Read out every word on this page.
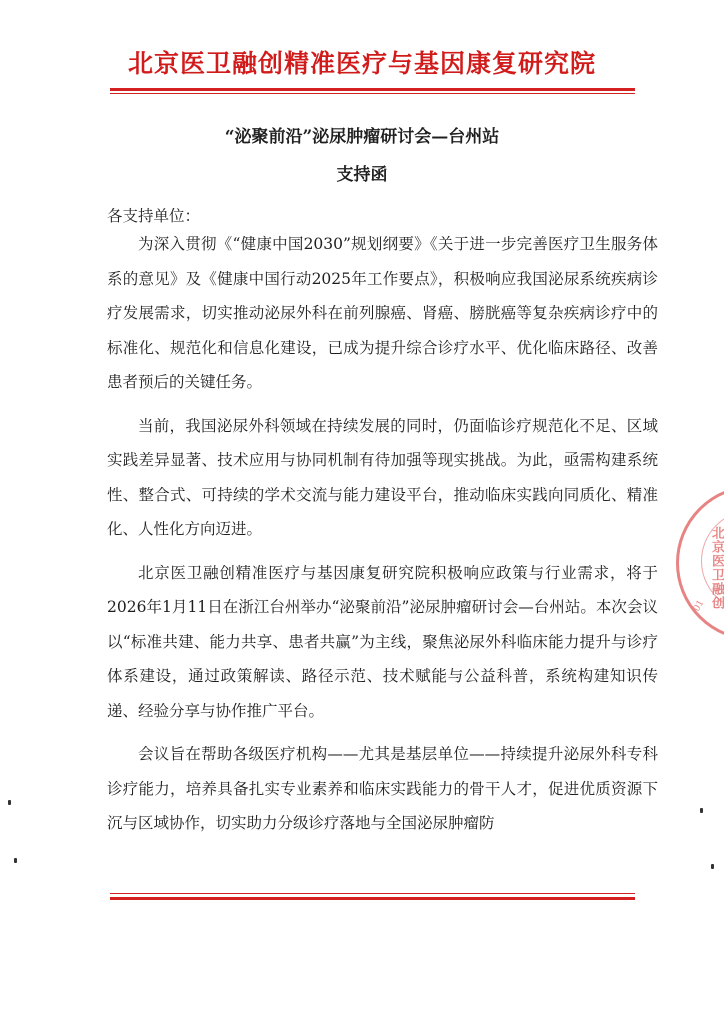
北京医卫融创精准医疗与基因康复研究院
“泌聚前沿”泌尿肿瘤研讨会—台州站
支持函
各支持单位：

为深入贯彻《“健康中国2030”规划纲要》《关于进一步完善医疗卫生服务体系的意见》及《健康中国行动2025年工作要点》，积极响应我国泌尿系统疾病诊疗发展需求，切实推动泌尿外科在前列腺癌、肾癌、膀胱癌等复杂疾病诊疗中的标准化、规范化和信息化建设，已成为提升综合诊疗水平、优化临床路径、改善患者预后的关键任务。

当前，我国泌尿外科领域在持续发展的同时，仍面临诊疗规范化不足、区域实践差异显著、技术应用与协同机制有待加强等现实挑战。为此，亟需构建系统性、整合式、可持续的学术交流与能力建设平台，推动临床实践向同质化、精准化、人性化方向迈进。

北京医卫融创精准医疗与基因康复研究院积极响应政策与行业需求，将于2026年1月11日在浙江台州举办“泌聚前沿”泌尿肿瘤研讨会—台州站。本次会议以“标准共建、能力共享、患者共赢”为主线，聚焦泌尿外科临床能力提升与诊疗体系建设，通过政策解读、路径示范、技术赋能与公益科普，系统构建知识传递、经验分享与协作推广平台。

会议旨在帮助各级医疗机构——尤其是基层单位——持续提升泌尿外科专科诊疗能力，培养具备扎实专业素养和临床实践能力的骨干人才，促进优质资源下沉与区域协作，切实助力分级诊疗落地与全国泌尿肿瘤防

北京医卫融创
1101
